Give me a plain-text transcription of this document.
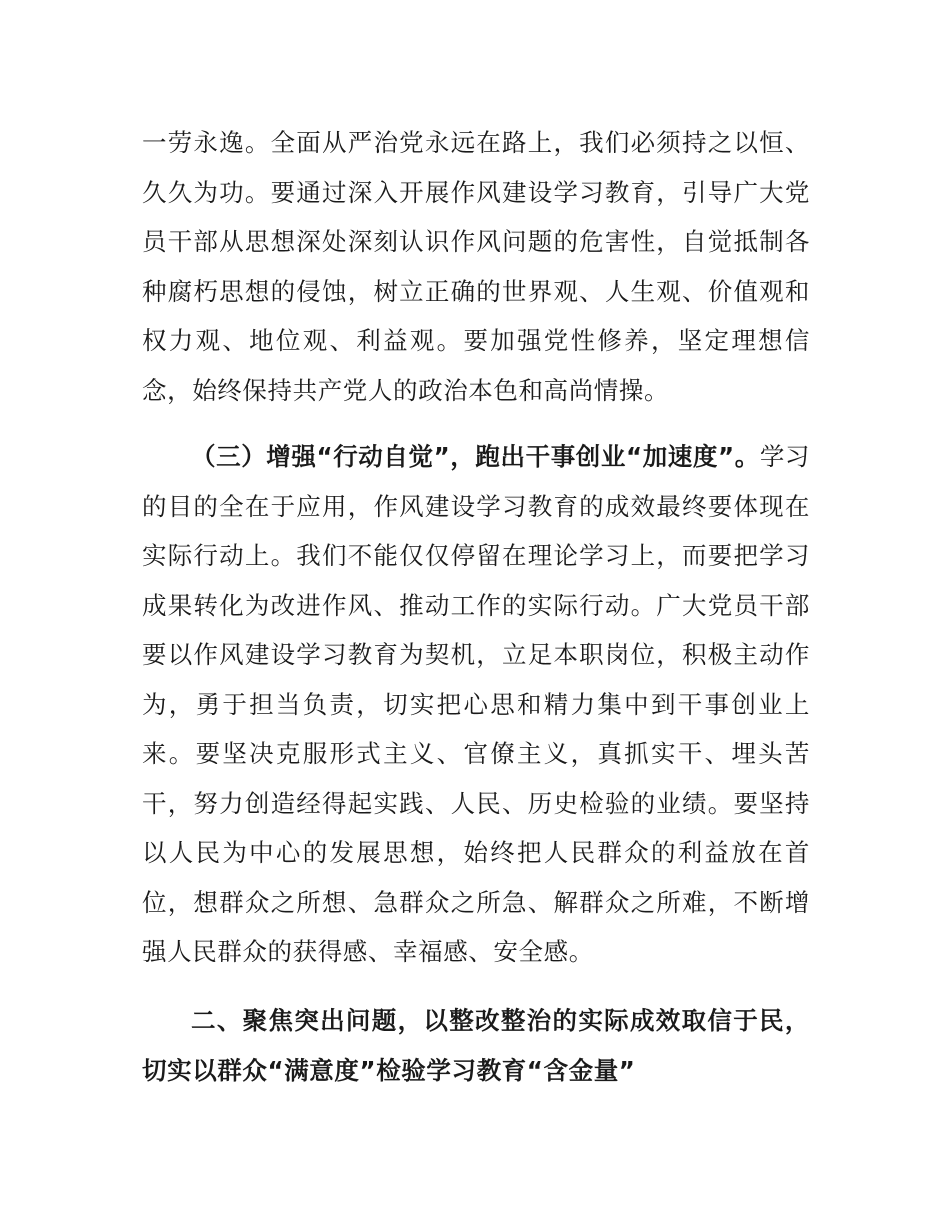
一劳永逸。全面从严治党永远在路上，我们必须持之以恒、久久为功。要通过深入开展作风建设学习教育，引导广大党员干部从思想深处深刻认识作风问题的危害性，自觉抵制各种腐朽思想的侵蚀，树立正确的世界观、人生观、价值观和权力观、地位观、利益观。要加强党性修养，坚定理想信念，始终保持共产党人的政治本色和高尚情操。

（三）增强“行动自觉”，跑出干事创业“加速度”。学习的目的全在于应用，作风建设学习教育的成效最终要体现在实际行动上。我们不能仅仅停留在理论学习上，而要把学习成果转化为改进作风、推动工作的实际行动。广大党员干部要以作风建设学习教育为契机，立足本职岗位，积极主动作为，勇于担当负责，切实把心思和精力集中到干事创业上来。要坚决克服形式主义、官僚主义，真抓实干、埋头苦干，努力创造经得起实践、人民、历史检验的业绩。要坚持以人民为中心的发展思想，始终把人民群众的利益放在首位，想群众之所想、急群众之所急、解群众之所难，不断增强人民群众的获得感、幸福感、安全感。

二、聚焦突出问题，以整改整治的实际成效取信于民，切实以群众“满意度”检验学习教育“含金量”
